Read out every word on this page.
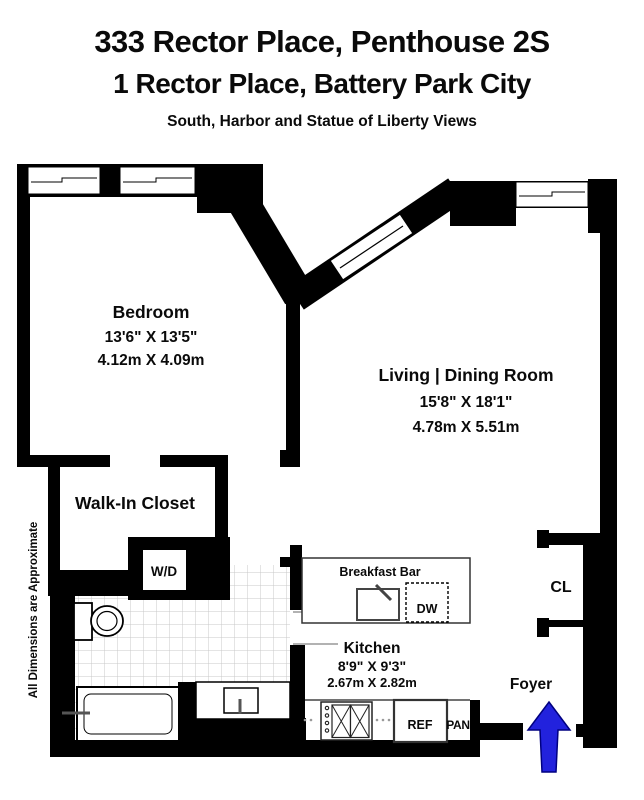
333 Rector Place, Penthouse 2S
1 Rector Place, Battery Park City
South, Harbor and Statue of Liberty Views
Bedroom
13'6" X 13'5"
4.12m X 4.09m
Living | Dining Room
15'8" X 18'1"
4.78m X 5.51m
Walk-In Closet
W/D	Breakfast Bar
DW
Kitchen
8'9" X 9'3"
2.67m X 2.82m
CL
Foyer
REF PAN
All Dimensions are Approximate
